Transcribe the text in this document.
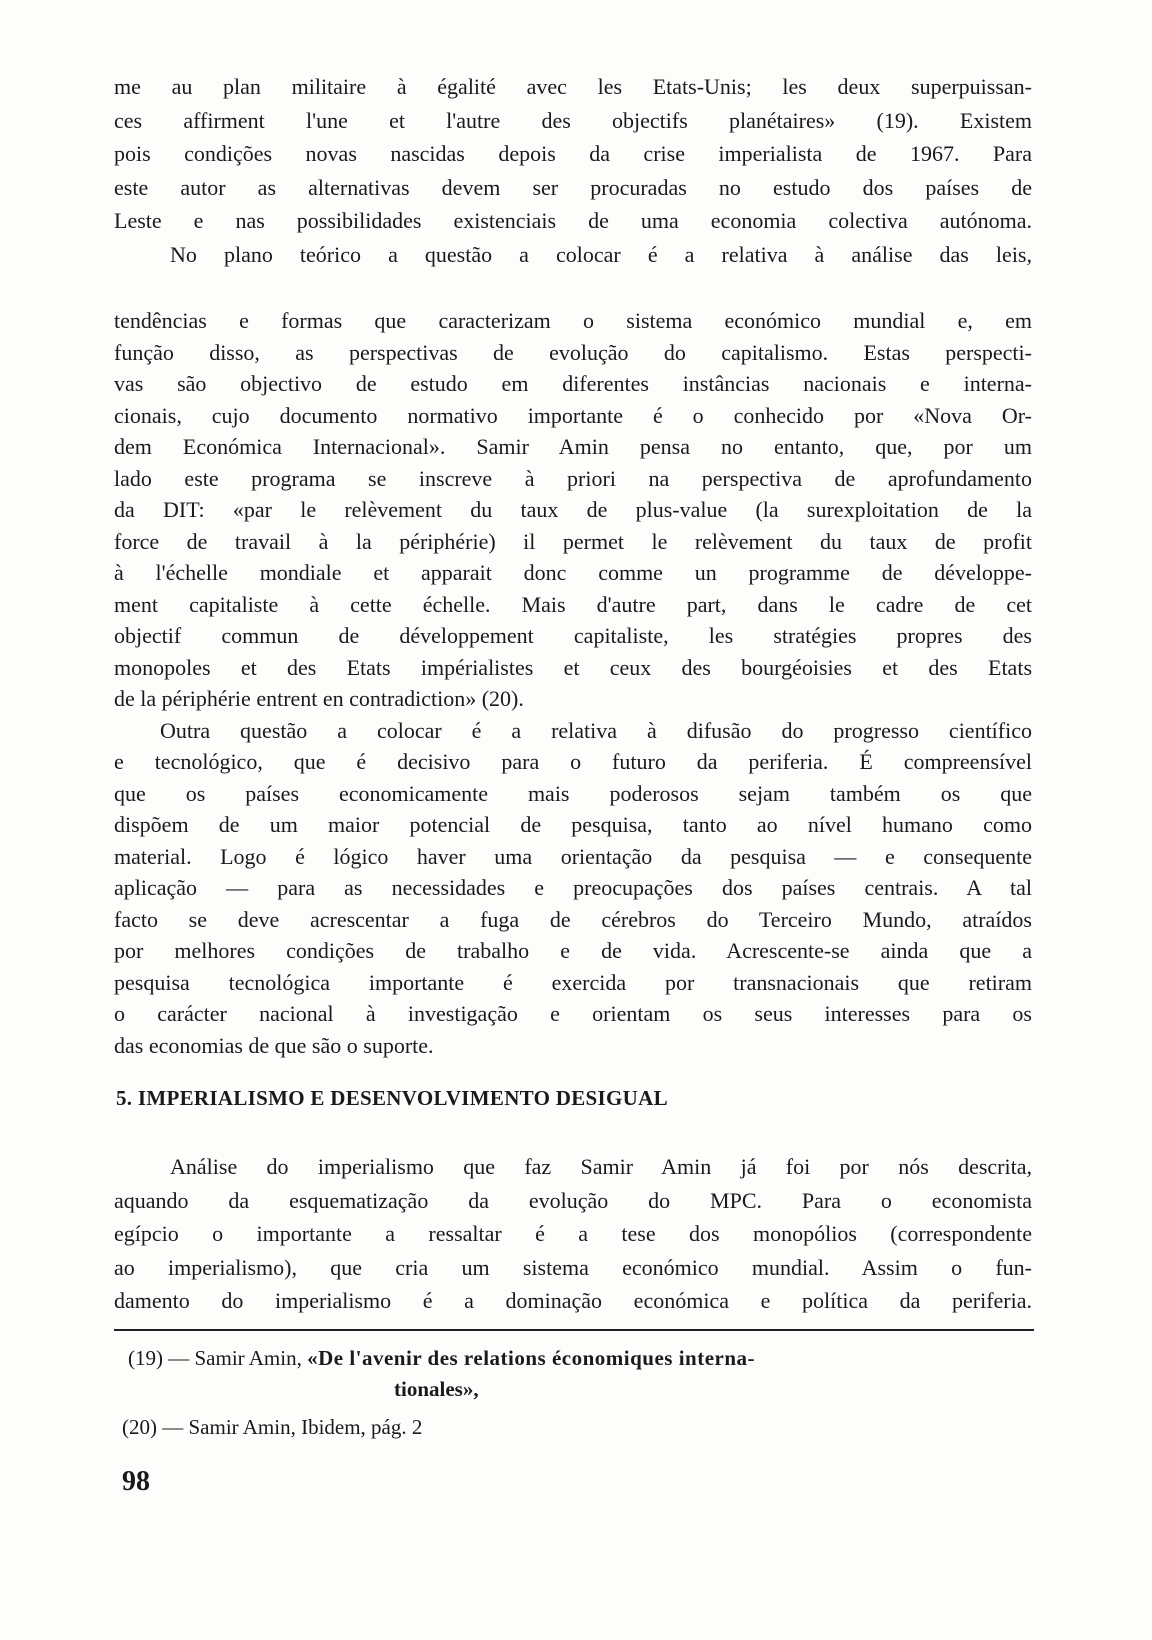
me au plan militaire à égalité avec les Etats-Unis; les deux superpuissan-
ces affirment l'une et l'autre des objectifs planétaires» (19). Existem
pois condições novas nascidas depois da crise imperialista de 1967. Para
este autor as alternativas devem ser procuradas no estudo dos países de
Leste e nas possibilidades existenciais de uma economia colectiva autónoma.
No plano teórico a questão a colocar é a relativa à análise das leis,
tendências e formas que caracterizam o sistema económico mundial e, em
função disso, as perspectivas de evolução do capitalismo. Estas perspecti-
vas são objectivo de estudo em diferentes instâncias nacionais e interna-
cionais, cujo documento normativo importante é o conhecido por «Nova Or-
dem Económica Internacional». Samir Amin pensa no entanto, que, por um
lado este programa se inscreve à priori na perspectiva de aprofundamento
da DIT: «par le relèvement du taux de plus-value (la surexploitation de la
force de travail à la périphérie) il permet le relèvement du taux de profit
à l'échelle mondiale et apparait donc comme un programme de développe-
ment capitaliste à cette échelle. Mais d'autre part, dans le cadre de cet
objectif commun de développement capitaliste, les stratégies propres des
monopoles et des Etats impérialistes et ceux des bourgéoisies et des Etats
de la périphérie entrent en contradiction» (20).
Outra questão a colocar é a relativa à difusão do progresso científico
e tecnológico, que é decisivo para o futuro da periferia. É compreensível
que os países economicamente mais poderosos sejam também os que
dispõem de um maior potencial de pesquisa, tanto ao nível humano como
material. Logo é lógico haver uma orientação da pesquisa — e consequente
aplicação — para as necessidades e preocupações dos países centrais. A tal
facto se deve acrescentar a fuga de cérebros do Terceiro Mundo, atraídos
por melhores condições de trabalho e de vida. Acrescente-se ainda que a
pesquisa tecnológica importante é exercida por transnacionais que retiram
o carácter nacional à investigação e orientam os seus interesses para os
das economias de que são o suporte.
5. IMPERIALISMO E DESENVOLVIMENTO DESIGUAL
Análise do imperialismo que faz Samir Amin já foi por nós descrita,
aquando da esquematização da evolução do MPC. Para o economista
egípcio o importante a ressaltar é a tese dos monopólios (correspondente
ao imperialismo), que cria um sistema económico mundial. Assim o fun-
damento do imperialismo é a dominação económica e política da periferia.
(19) — Samir Amin, «De l'avenir des relations économiques interna-
tionales»,
(20) — Samir Amin, Ibidem, pág. 2
98
